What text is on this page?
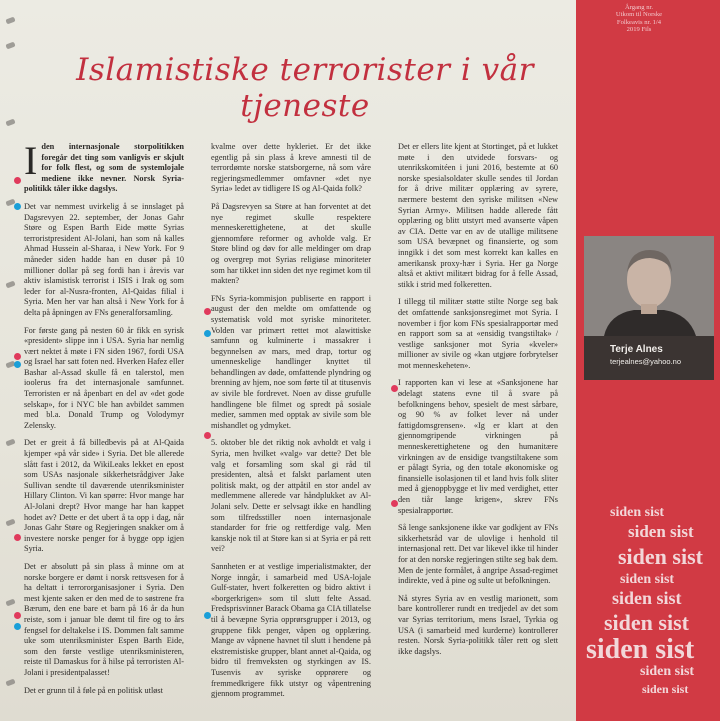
Islamistiske terrorister i vår tjeneste

Iden internasjonale storpolitikken foregår det ting som vanligvis er skjult for folk flest, og som de systemlojale mediene ikke nevner. Norsk Syria-politikk tåler ikke dagslys.

Det var nemmest uvirkelig å se innslaget på Dagsrevyen 22. september, der Jonas Gahr Støre og Espen Barth Eide møtte Syrias terroristpresident Al-Jolani, han som nå kalles Ahmad Hussein al-Sharaa, i New York. For 9 måneder siden hadde han en dusør på 10 millioner dollar på seg fordi han i årevis var aktiv islamistisk terrorist i ISIS i Irak og som leder for al-Nusra-fronten, Al-Qaidas filial i Syria. Men her var han altså i New York for å delta på åpningen av FNs generalforsamling.

For første gang på nesten 60 år fikk en syrisk «president» slippe inn i USA. Syria har nemlig vært nektet å møte i FN siden 1967, fordi USA og Israel har satt foten ned. Hverken Hafez eller Bashar al-Assad skulle få en talerstol, men ioolerus fra det internasjonale samfunnet. Terroristen er nå åpenbart en del av «det gode selskap», for i NYC ble han avbildet sammen med bl.a. Donald Trump og Volodymyr Zelensky.

Det er greit å få billedbevis på at Al-Qaida kjemper «på vår side» i Syria. Det ble allerede slått fast i 2012, da WikiLeaks lekket en epost som USAs nasjonale sikkerhetsrådgiver Jake Sullivan sendte til daværende utenriksminister Hillary Clinton. Vi kan spørre: Hvor mange har Al-Jolani drept? Hvor mange har han kappet hodet av? Dette er det ubert å ta opp i dag, når Jonas Gahr Støre og Regjeringen snakker om å investere norske penger for å bygge opp igjen Syria.

Det er absolutt på sin plass å minne om at norske borgere er dømt i norsk rettsvesen for å ha deltatt i terrororganisasjoner i Syria. Den mest kjente saken er den med de to søstrene fra Bærum, den ene bare et barn på 16 år da hun reiste, som i januar ble dømt til fire og to års fengsel for deltakelse i IS. Dommen falt samme uke som utenriksminister Espen Barth Eide, som den første vestlige utenriksministeren, reiste til Damaskus for å hilse på terroristen Al-Jolani i presidentpalasset!

Det er grunn til å føle på en politisk utløst

kvalme over dette hykleriet. Er det ikke egentlig på sin plass å kreve amnesti til de terrordømte norske statsborgerne, nå som våre regjeringsmedlemmer omfavner «det nye Syria» ledet av tidligere IS og Al-Qaida folk?

På Dagsrevyen sa Støre at han forventet at det nye regimet skulle respektere menneskerettighetene, at det skulle gjennomføre reformer og avholde valg. Er Støre blind og døv for alle meldinger om drap og overgrep mot Syrias religiøse minoriteter som har tikket inn siden det nye regimet kom til makten?

FNs Syria-kommisjon publiserte en rapport i august der den meldte om omfattende og systematisk vold mot syriske minoriteter. Volden var primært rettet mot alawittiske samfunn og kulminerte i massakrer i begynnelsen av mars, med drap, tortur og umenneskelige handlinger knyttet til behandlingen av døde, omfattende plyndring og brenning av hjem, noe som førte til at titusenvis av sivile ble fordrevet. Noen av disse grufulle handlingene ble filmet og spredt på sosiale medier, sammen med opptak av sivile som ble mishandlet og ydmyket.

5. oktober ble det riktig nok avholdt et valg i Syria, men hvilket «valg» var dette? Det ble valg et forsamling som skal gi råd til presidenten, altså et falskt parlament uten politisk makt, og der attpåtil en stor andel av medlemmene allerede var håndplukket av Al-Jolani selv. Dette er selvsagt ikke en handling som tilfredsstiller noen internasjonale standarder for frie og rettferdige valg. Men kanskje nok til at Støre kan si at Syria er på rett vei?

Sannheten er at vestlige imperialistmakter, der Norge inngår, i samarbeid med USA-lojale Gulf-stater, hvert folkeretten og bidro aktivt i «borgerkrigen» som til slutt felte Assad. Fredsprisvinner Barack Obama ga CIA tillatelse til å bevæpne Syria opprørsgrupper i 2013, og gruppene fikk penger, våpen og opplæring. Mange av våpnene havnet til slutt i hendene på ekstremistiske grupper, blant annet al-Qaida, og bidro til fremveksten og styrkingen av IS. Tusenvis av syriske opprørere og fremmedkrigere fikk utstyr og våpentrening gjennom programmet.

Det er ellers lite kjent at Stortinget, på et lukket møte i den utvidede forsvars- og utenrikskomitéen i juni 2016, bestemte at 60 norske spesialsoldater skulle sendes til Jordan for å drive militær opplæring av syrere, nærmere bestemt den syriske militsen «New Syrian Army». Militsen hadde allerede fått opplæring og blitt utstyrt med avanserte våpen av CIA. Dette var en av de utallige militsene som USA bevæpnet og finansierte, og som inngikk i det som mest korrekt kan kalles en amerikansk proxy-hær i Syria. Her ga Norge altså et aktivt militært bidrag for å felle Assad, stikk i strid med folkeretten.

I tillegg til militær støtte stilte Norge seg bak det omfattende sanksjonsregimet mot Syria. I november i fjor kom FNs spesialrapportør med en rapport som sa at «ensidig tvangstiltak» / vestlige sanksjoner mot Syria «kveler» millioner av sivile og «kan utgjøre forbrytelser mot menneskeheten».

I rapporten kan vi lese at «Sanksjonene har ødelagt statens evne til å svare på befolkningens behov, spesielt de mest sårbare, og 90 % av folket lever nå under fattigdomsgrensen». «Ig er klart at den gjennomgripende virkningen på menneskerettighetene og den humanitære virkningen av de ensidige tvangstiltakene som er pålagt Syria, og den totale økonomiske og finansielle isolasjonen til et land hvis folk sliter med å gjenoppbygge et liv med verdighet, etter den tiår lange krigen», skrev FNs spesialrapportør.

Så lenge sanksjonene ikke var godkjent av FNs sikkerhetsråd var de ulovlige i henhold til internasjonal rett. Det var likevel ikke til hinder for at den norske regjeringen stilte seg bak dem. Men de jente formålet, å angripe Assad-regimet indirekte, ved å pine og sulte ut befolkningen.

Nå styres Syria av en vestlig marionett, som bare kontrollerer rundt en tredjedel av det som var Syrias territorium, mens Israel, Tyrkia og USA (i samarbeid med kurderne) kontrollerer resten. Norsk Syria-politikk tåler rett og slett ikke dagslys.

Årgang nr.
Utkom til Norske
Folkeavis nr. 1/4
2019 Fils
Terje Alnes
terjealnes@yahoo.no
siden sist
siden sist
siden sist
siden sist
siden sist
siden sist
siden sist
siden sist
siden sist
